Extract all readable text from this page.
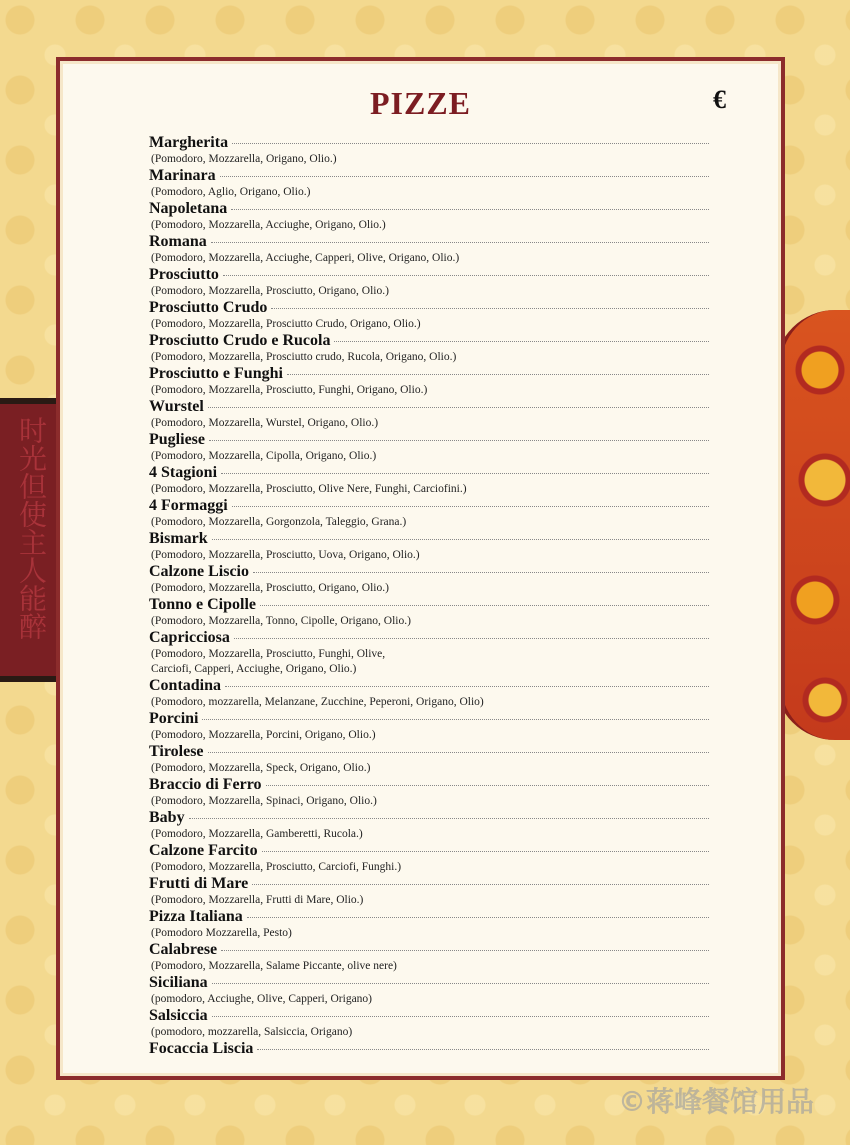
时光但使主人能醉
PIZZE	€
Margherita
(Pomodoro, Mozzarella, Origano, Olio.)
Marinara
(Pomodoro, Aglio, Origano, Olio.)
Napoletana
(Pomodoro, Mozzarella, Acciughe, Origano, Olio.)
Romana
(Pomodoro, Mozzarella, Acciughe, Capperi, Olive, Origano, Olio.)
Prosciutto
(Pomodoro, Mozzarella, Prosciutto, Origano, Olio.)
Prosciutto Crudo
(Pomodoro, Mozzarella, Prosciutto Crudo, Origano, Olio.)
Prosciutto Crudo e Rucola
(Pomodoro, Mozzarella, Prosciutto crudo, Rucola, Origano, Olio.)
Prosciutto e Funghi
(Pomodoro, Mozzarella, Prosciutto, Funghi, Origano, Olio.)
Wurstel
(Pomodoro, Mozzarella, Wurstel, Origano, Olio.)
Pugliese
(Pomodoro, Mozzarella, Cipolla, Origano, Olio.)
4 Stagioni
(Pomodoro, Mozzarella, Prosciutto, Olive Nere, Funghi, Carciofini.)
4 Formaggi
(Pomodoro, Mozzarella, Gorgonzola, Taleggio, Grana.)
Bismark
(Pomodoro, Mozzarella, Prosciutto, Uova, Origano, Olio.)
Calzone Liscio
(Pomodoro, Mozzarella, Prosciutto, Origano, Olio.)
Tonno e Cipolle
(Pomodoro, Mozzarella, Tonno, Cipolle, Origano, Olio.)
Capricciosa
(Pomodoro, Mozzarella, Prosciutto, Funghi, Olive,
Carciofi, Capperi, Acciughe, Origano, Olio.)
Contadina
(Pomodoro, mozzarella, Melanzane, Zucchine, Peperoni, Origano, Olio)
Porcini
(Pomodoro, Mozzarella, Porcini, Origano, Olio.)
Tirolese
(Pomodoro, Mozzarella, Speck, Origano, Olio.)
Braccio di Ferro
(Pomodoro, Mozzarella, Spinaci, Origano, Olio.)
Baby
(Pomodoro, Mozzarella, Gamberetti, Rucola.)
Calzone Farcito
(Pomodoro, Mozzarella, Prosciutto, Carciofi, Funghi.)
Frutti di Mare
(Pomodoro, Mozzarella, Frutti di Mare, Olio.)
Pizza Italiana
(Pomodoro Mozzarella, Pesto)
Calabrese
(Pomodoro, Mozzarella, Salame Piccante, olive nere)
Siciliana
(pomodoro, Acciughe, Olive, Capperi, Origano)
Salsiccia
(pomodoro, mozzarella, Salsiccia, Origano)
Focaccia Liscia
©蒋峰餐馆用品
